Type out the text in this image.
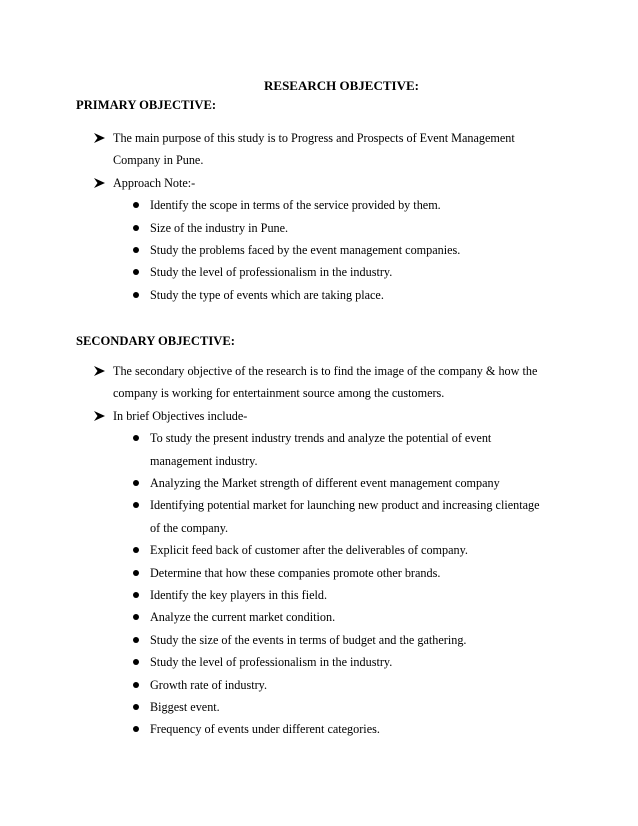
RESEARCH OBJECTIVE:
PRIMARY OBJECTIVE:
The main purpose of this study is to Progress and Prospects of Event Management
Company in Pune.
Approach Note:-
Identify the scope in terms of the service provided by them.
Size of the industry in Pune.
Study the problems faced by the event management companies.
Study the level of professionalism in the industry.
Study the type of events which are taking place.
SECONDARY OBJECTIVE:
The secondary objective of the research is to find the image of the company & how the
company is working for entertainment source among the customers.
In brief Objectives include-
To study the present industry trends and analyze the potential of event
management industry.
Analyzing the Market strength of different event management company
Identifying potential market for launching new product and increasing clientage
of the company.
Explicit feed back of customer after the deliverables of company.
Determine that how these companies promote other brands.
Identify the key players in this field.
Analyze the current market condition.
Study the size of the events in terms of budget and the gathering.
Study the level of professionalism in the industry.
Growth rate of industry.
Biggest event.
Frequency of events under different categories.
